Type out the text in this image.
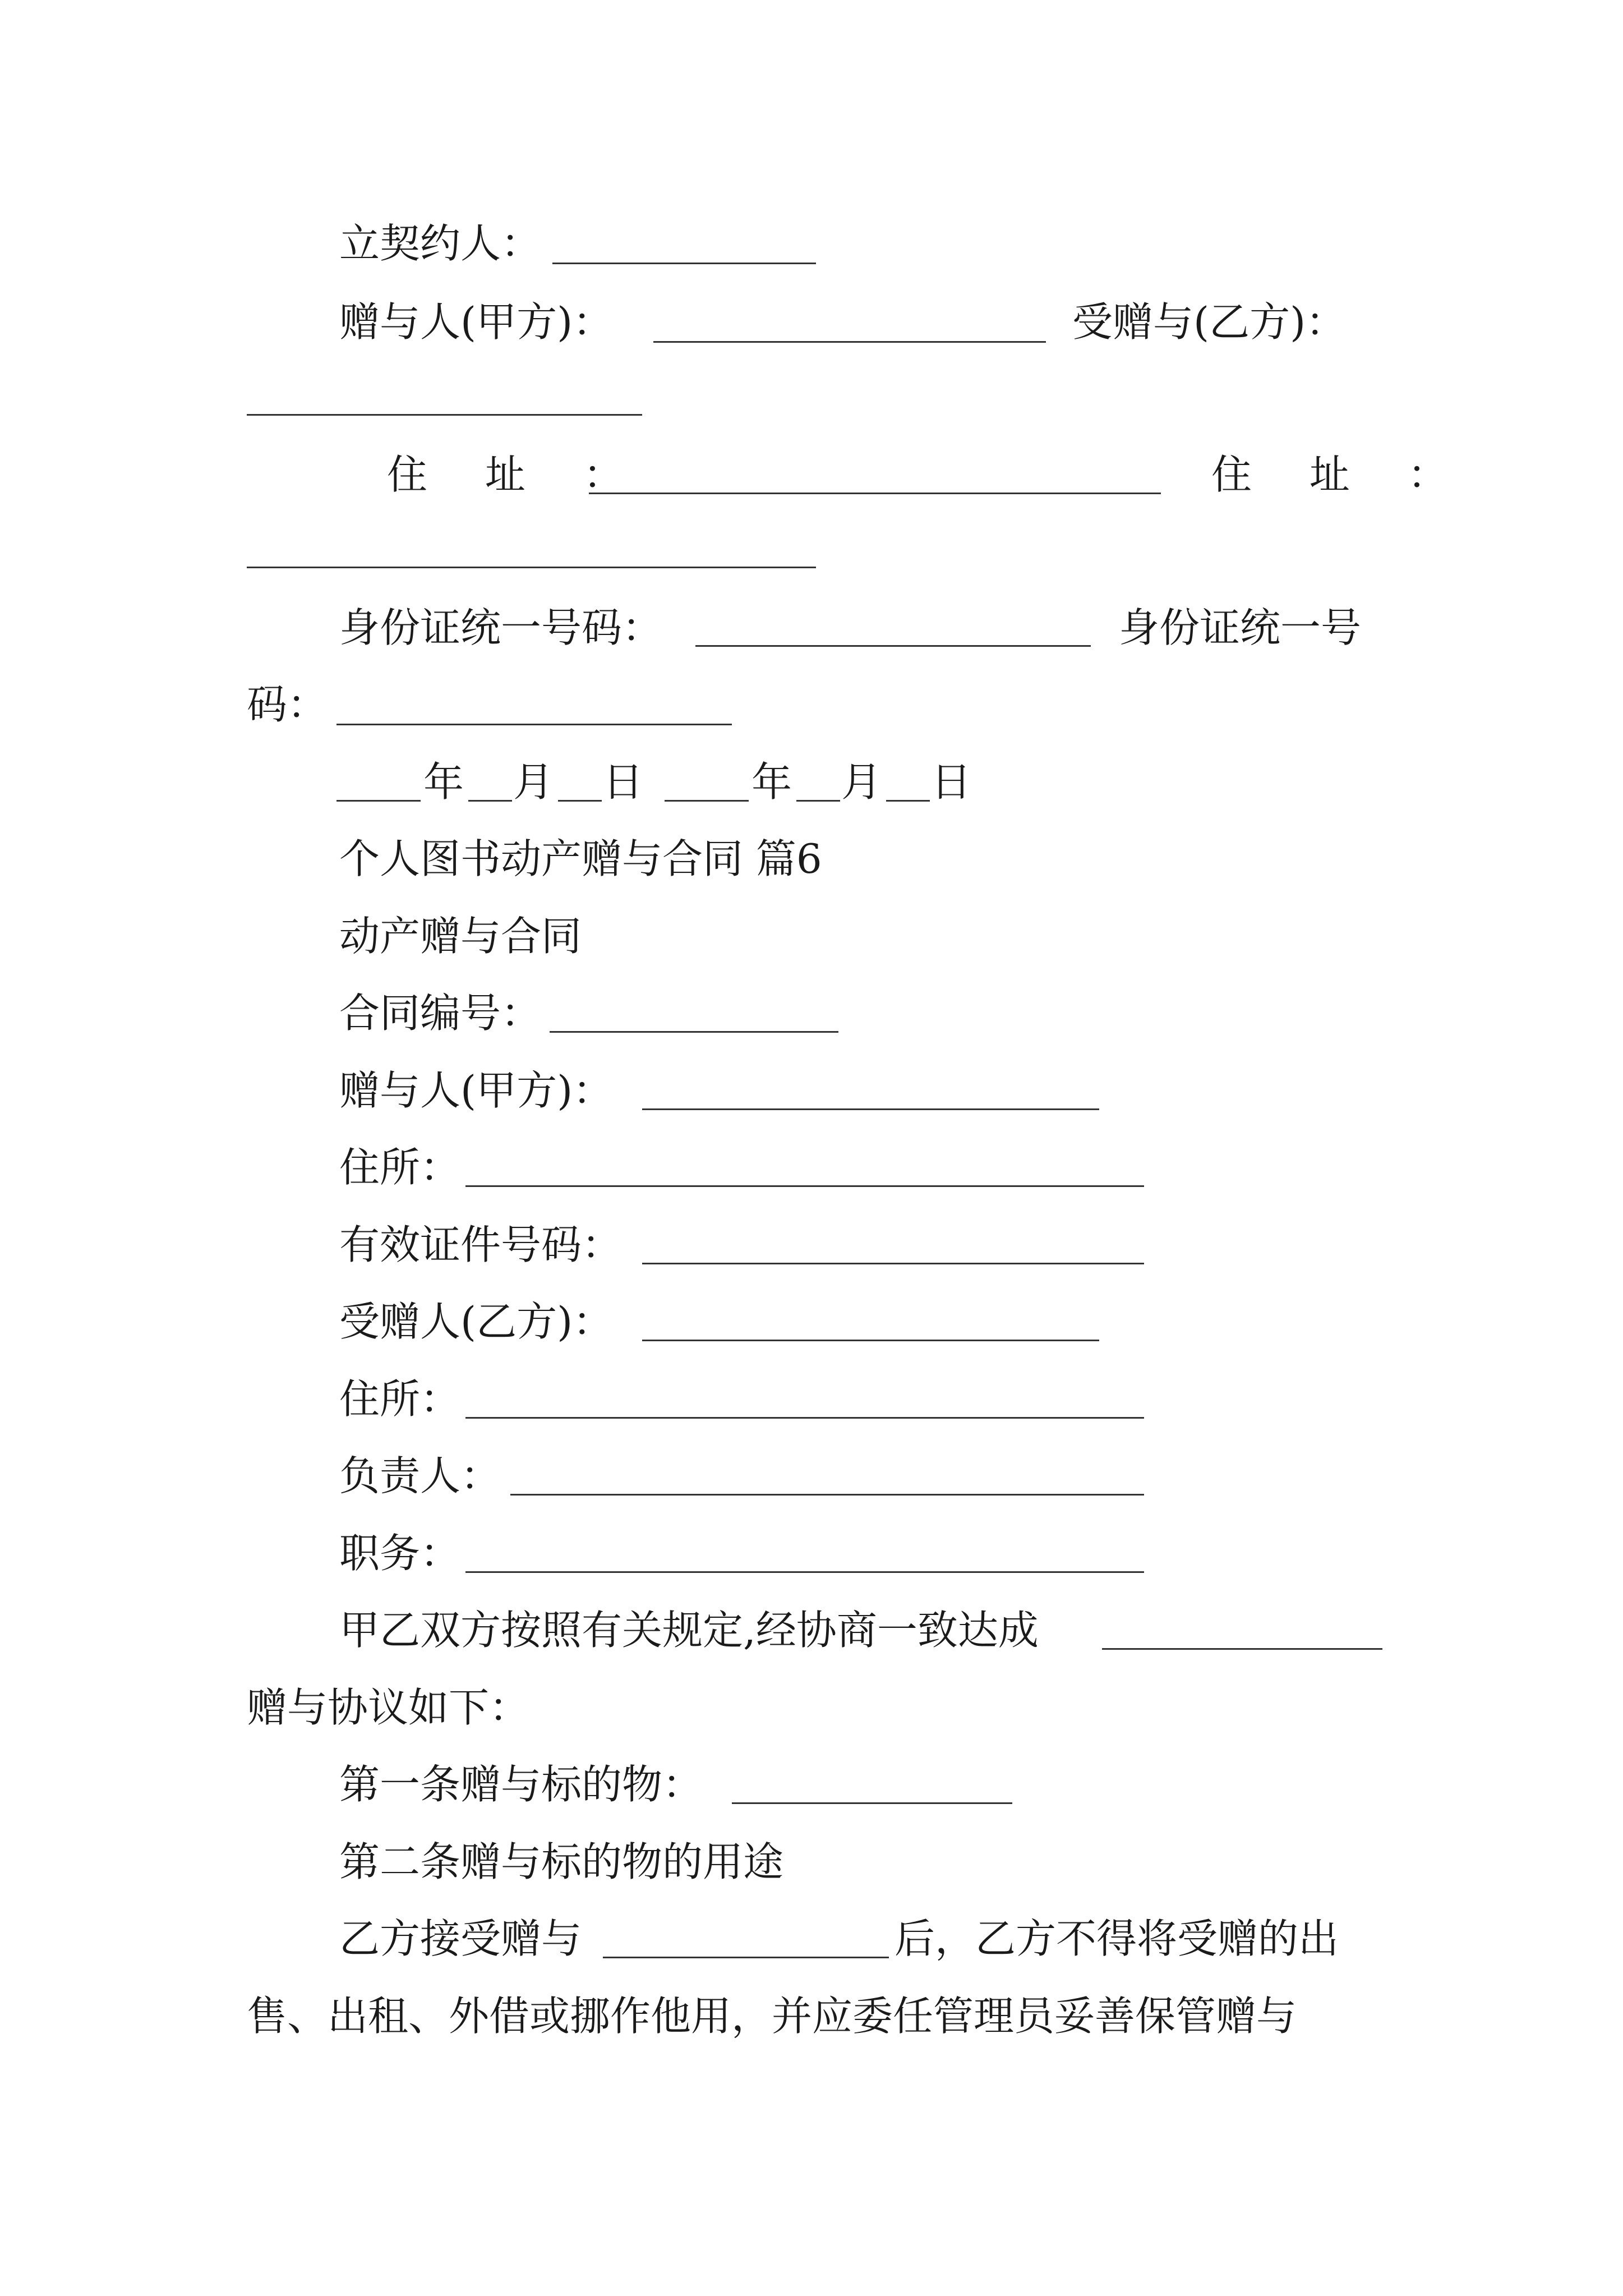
立契约人：
赠与人(甲方)：	受赠与(乙方)：
住 址 ：	住 址 ：
身份证统一号码：	身份证统一号
码：
年 月 日	年 月 日
个人图书动产赠与合同 篇6
动产赠与合同
合同编号：
赠与人(甲方)：
住所：
有效证件号码：
受赠人(乙方)：
住所：
负责人：
职务：
甲乙双方按照有关规定,经协商一致达成
赠与协议如下：
第一条赠与标的物：
第二条赠与标的物的用途
乙方接受赠与	后，乙方不得将受赠的出
售、出租、外借或挪作他用，并应委任管理员妥善保管赠与
